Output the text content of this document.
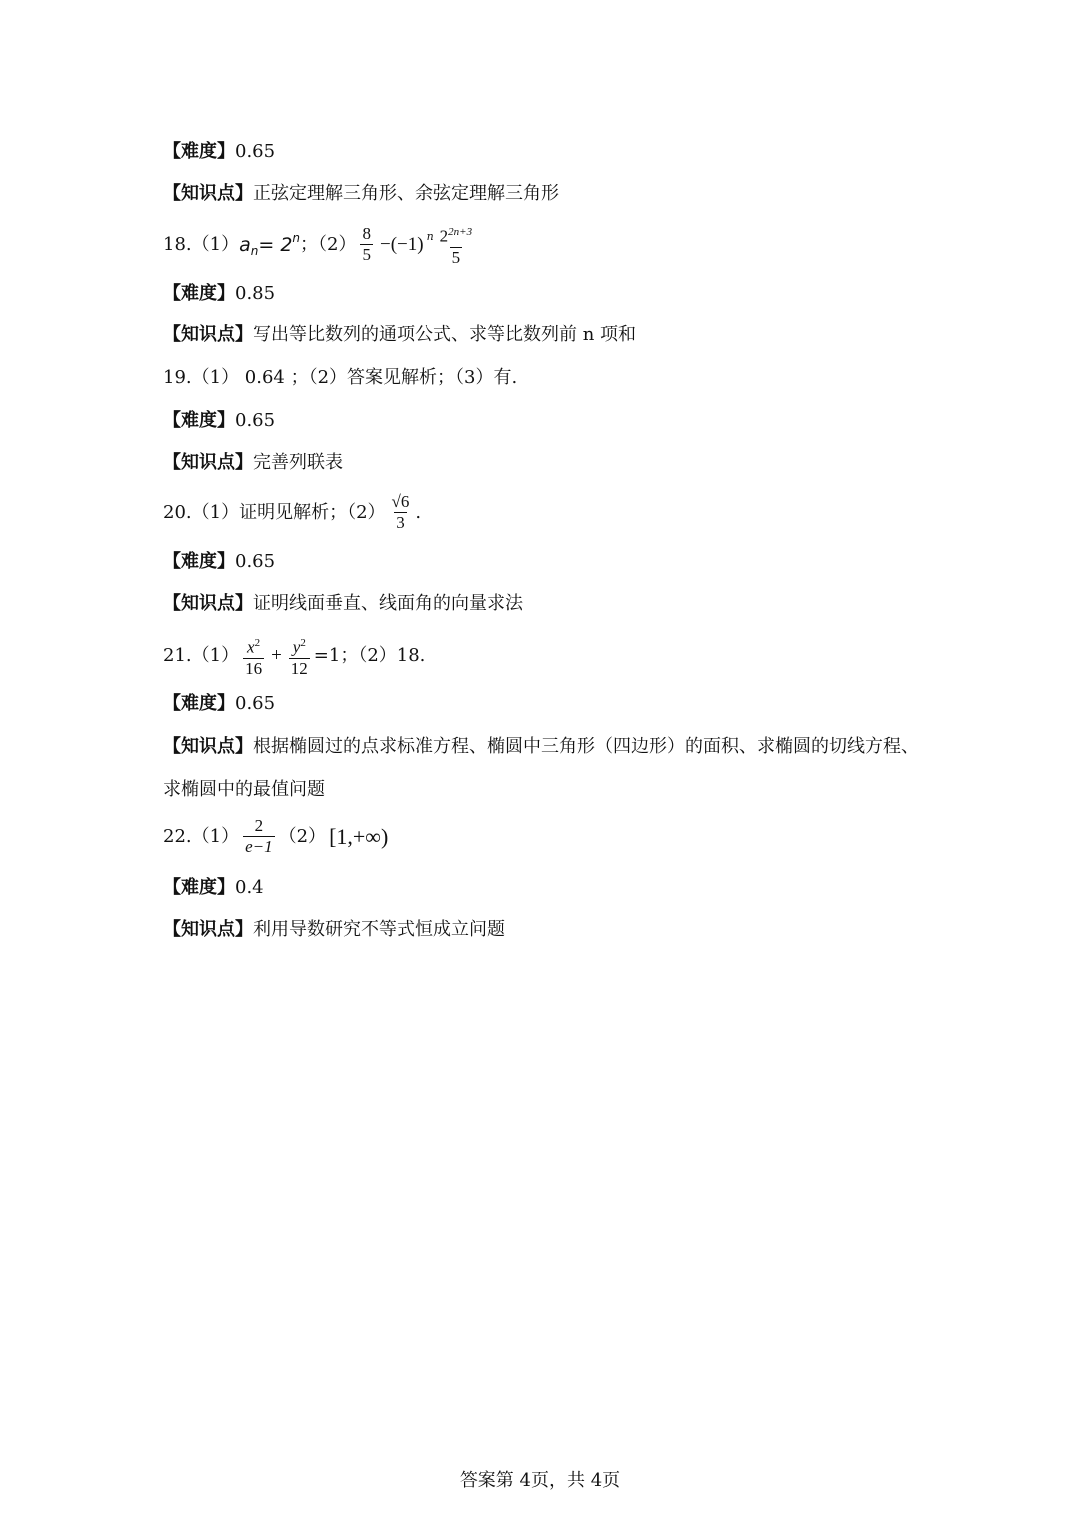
【难度】 0.65
【知识点】 正弦定理解三角形、余弦定理解三角形
18. （1） a n = 2 n ；$(2) \frac{8}{5} -(-1)$ n $\frac{2^{2n+3}}{5}$
【难度】 0.85
【知识点】 写出等比数列的通项公式、求等比数列前 n 项和
19.（1） 0.64 ；（2）答案见解析；（3）有.
【难度】 0.65
【知识点】 完善列联表
20.（1）证明见解析；$(2) \frac{√6}{3}$ .
【难度】 0.65
【知识点】 证明线面垂直、线面角的向量求法
$21.(1) \frac{x^2}{16} + \frac{y^2}{12} =1$；（2）18.
【难度】 0.65
【知识点】根据椭圆过的点求标准方程、椭圆中三角形（四边形）的面积、求椭圆的切线方程、求椭圆中的最值问题
$22.(1) \frac{2}{e-1} (2)$ [1,+∞)
【难度】 0.4
【知识点】 利用导数研究不等式恒成立问题
答案第 4页，共 4页
